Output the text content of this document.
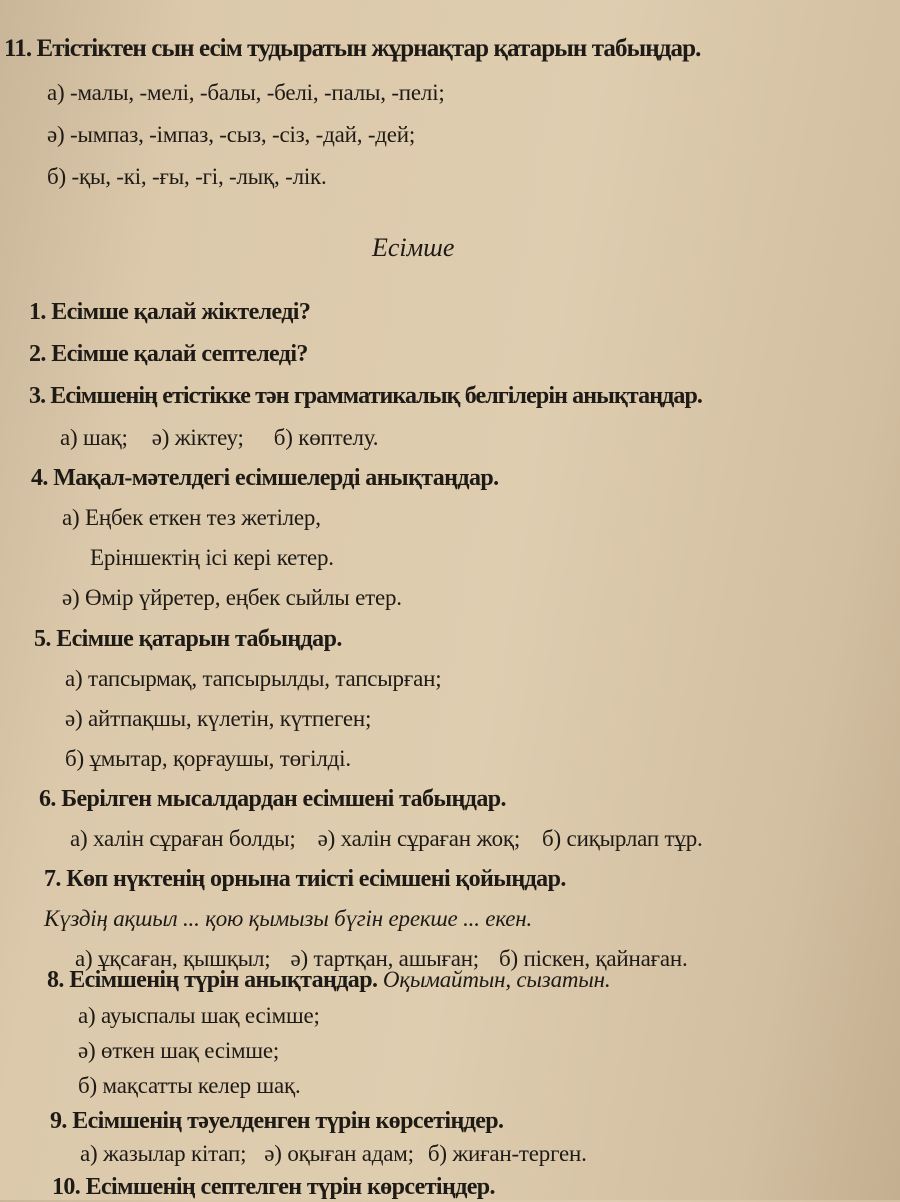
11. Етістіктен сын есім тудыратын жұрнақтар қатарын табыңдар.
а) -малы, -мелі, -балы, -белі, -палы, -пелі;
ә) -ымпаз, -імпаз, -сыз, -сіз, -дай, -дей;
б) -қы, -кі, -ғы, -гі, -лық, -лік.
Есімше
1. Есімше қалай жіктеледі?
2. Есімше қалай септеледі?
3. Есімшенің етістікке тән грамматикалық белгілерін анықтаңдар.
а) шақ; ә) жіктеу; б) көптелу.
4. Мақал-мәтелдегі есімшелерді анықтаңдар.
а) Еңбек еткен тез жетілер,
Еріншектің ісі кері кетер.
ә) Өмір үйретер, еңбек сыйлы етер.
5. Есімше қатарын табыңдар.
а) тапсырмақ, тапсырылды, тапсырған;
ә) айтпақшы, күлетін, күтпеген;
б) ұмытар, қорғаушы, төгілді.
6. Берілген мысалдардан есімшені табыңдар.
а) халін сұраған болды; ә) халін сұраған жоқ; б) сиқырлап тұр.
7. Көп нүктенің орнына тиісті есімшені қойыңдар.
Күздің ақшыл ... қою қымызы бүгін ерекше ... екен.
а) ұқсаған, қышқыл; ә) тартқан, ашыған; б) піскен, қайнаған.
8. Есімшенің түрін анықтаңдар. Оқымайтын, сызатын.
а) ауыспалы шақ есімше;
ә) өткен шақ есімше;
б) мақсатты келер шақ.
9. Есімшенің тәуелденген түрін көрсетіңдер.
а) жазылар кітап; ә) оқыған адам; б) жиған-терген.
10. Есімшенің септелген түрін көрсетіңдер.
